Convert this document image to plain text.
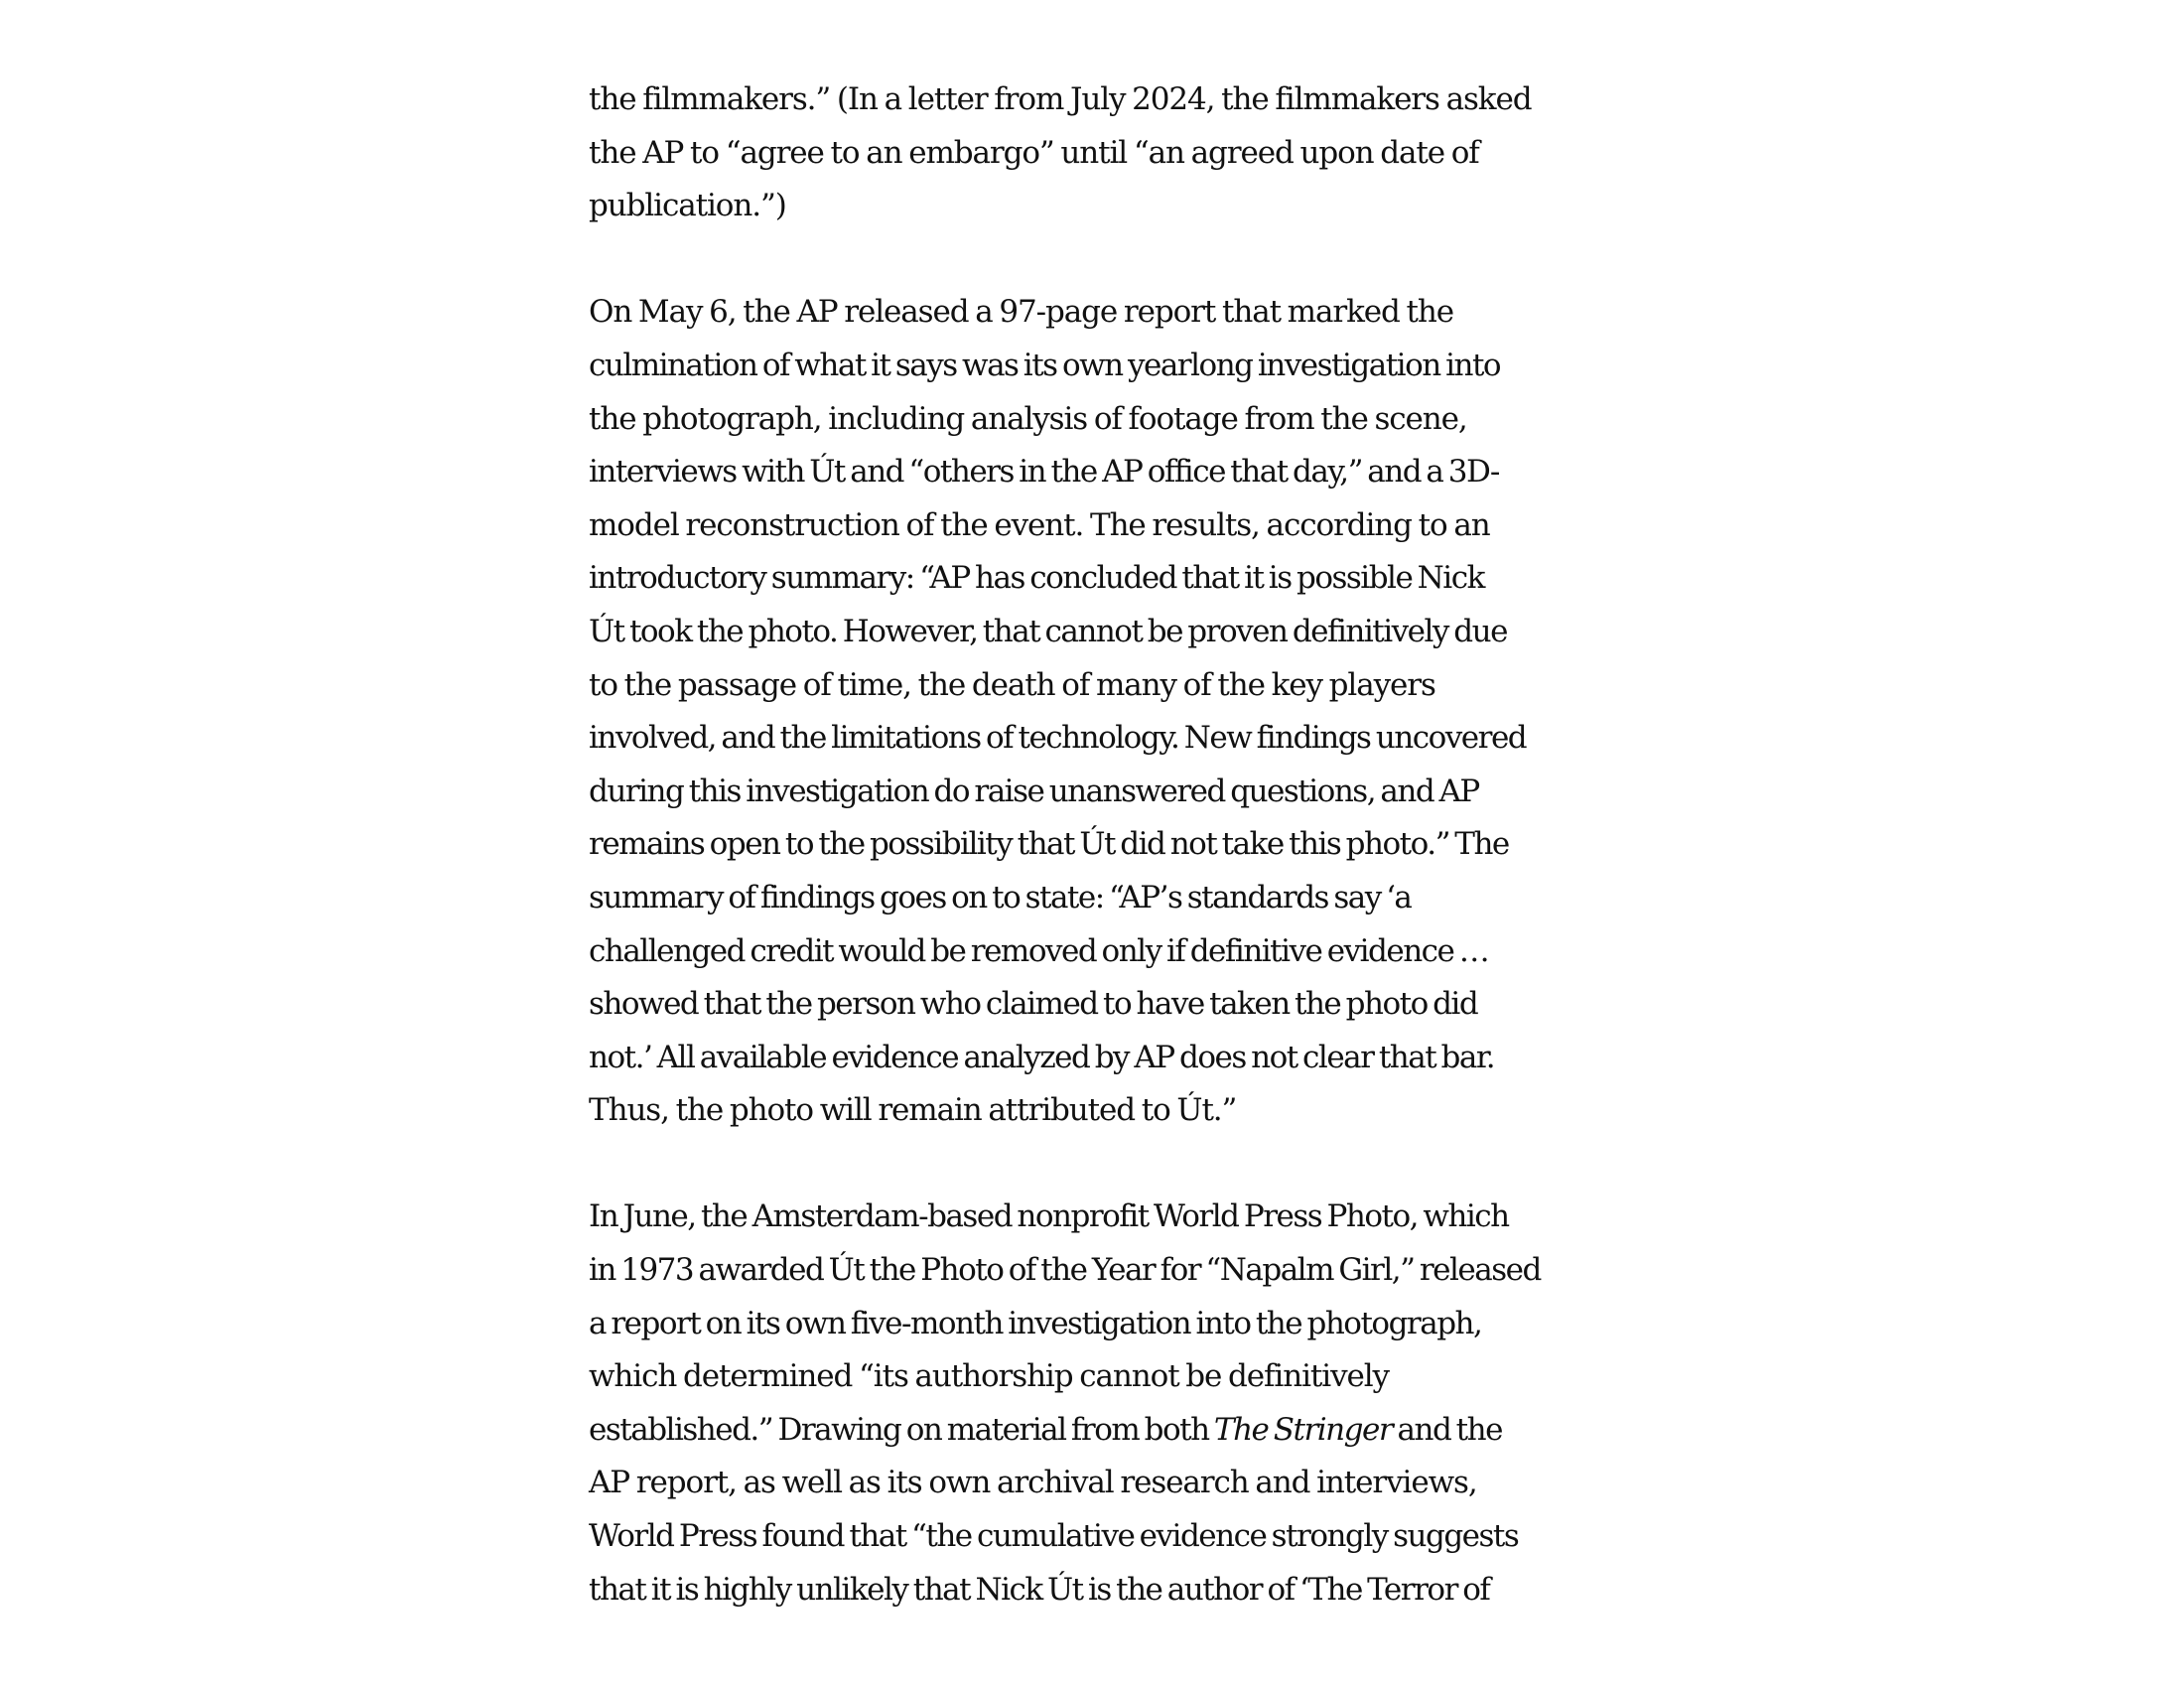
the filmmakers.” (In a letter from July 2024, the filmmakers asked
the AP to “agree to an embargo” until “an agreed upon date of
publication.”)

On May 6, the AP released a 97-page report that marked the
culmination of what it says was its own yearlong investigation into
the photograph, including analysis of footage from the scene,
interviews with Út and “others in the AP office that day,” and a 3D-
model reconstruction of the event. The results, according to an
introductory summary: “AP has concluded that it is possible Nick
Út took the photo. However, that cannot be proven definitively due
to the passage of time, the death of many of the key players
involved, and the limitations of technology. New findings uncovered
during this investigation do raise unanswered questions, and AP
remains open to the possibility that Út did not take this photo.” The
summary of findings goes on to state: “AP’s standards say ‘a
challenged credit would be removed only if definitive evidence …
showed that the person who claimed to have taken the photo did
not.’ All available evidence analyzed by AP does not clear that bar.
Thus, the photo will remain attributed to Út.”

In June, the Amsterdam-based nonprofit World Press Photo, which
in 1973 awarded Út the Photo of the Year for “Napalm Girl,” released
a report on its own five-month investigation into the photograph,
which determined “its authorship cannot be definitively
established.” Drawing on material from both The Stringer and the
AP report, as well as its own archival research and interviews,
World Press found that “the cumulative evidence strongly suggests
that it is highly unlikely that Nick Út is the author of ‘The Terror of
